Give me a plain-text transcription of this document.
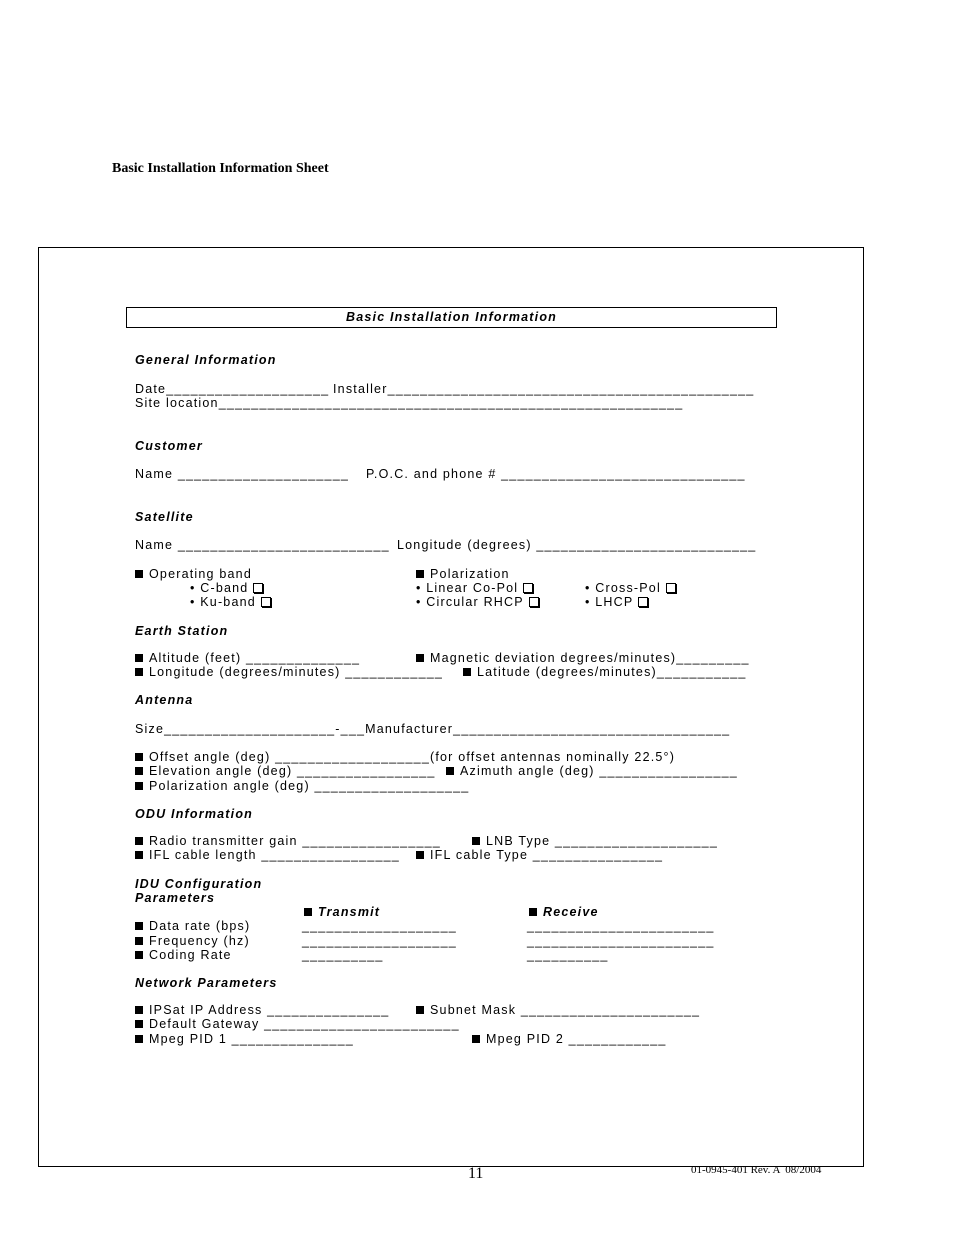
Basic Installation Information Sheet
Basic Installation Information
General Information
Date____________________ Installer_____________________________________________
Site location_________________________________________________________
Customer
Name _____________________ P.O.C. and phone # ______________________________
Satellite
Name __________________________ Longitude (degrees) ___________________________
Operating band
• C-band
• Ku-band
Polarization
• Linear Co-Pol
• Circular RHCP
• Cross-Pol
• LHCP
Earth Station
Altitude (feet) ______________	Magnetic deviation degrees/minutes)_________
Longitude (degrees/minutes) ____________	Latitude (degrees/minutes)___________
Antenna
Size_____________________-___Manufacturer__________________________________
Offset angle (deg) ___________________(for offset antennas nominally 22.5°)
Elevation angle (deg) _________________	Azimuth angle (deg) _________________
Polarization angle (deg) ___________________
ODU Information
Radio transmitter gain _________________	LNB Type ____________________
IFL cable length _________________	IFL cable Type ________________
IDU Configuration
Parameters
Transmit	Receive
Data rate (bps)	___________________	_______________________
Frequency (hz)	___________________	_______________________
Coding Rate	__________	__________
Network Parameters
IPSat IP Address _______________	Subnet Mask ______________________
Default Gateway ________________________
Mpeg PID 1 _______________	Mpeg PID 2 ____________
11	01-0945-401 Rev. A  08/2004
